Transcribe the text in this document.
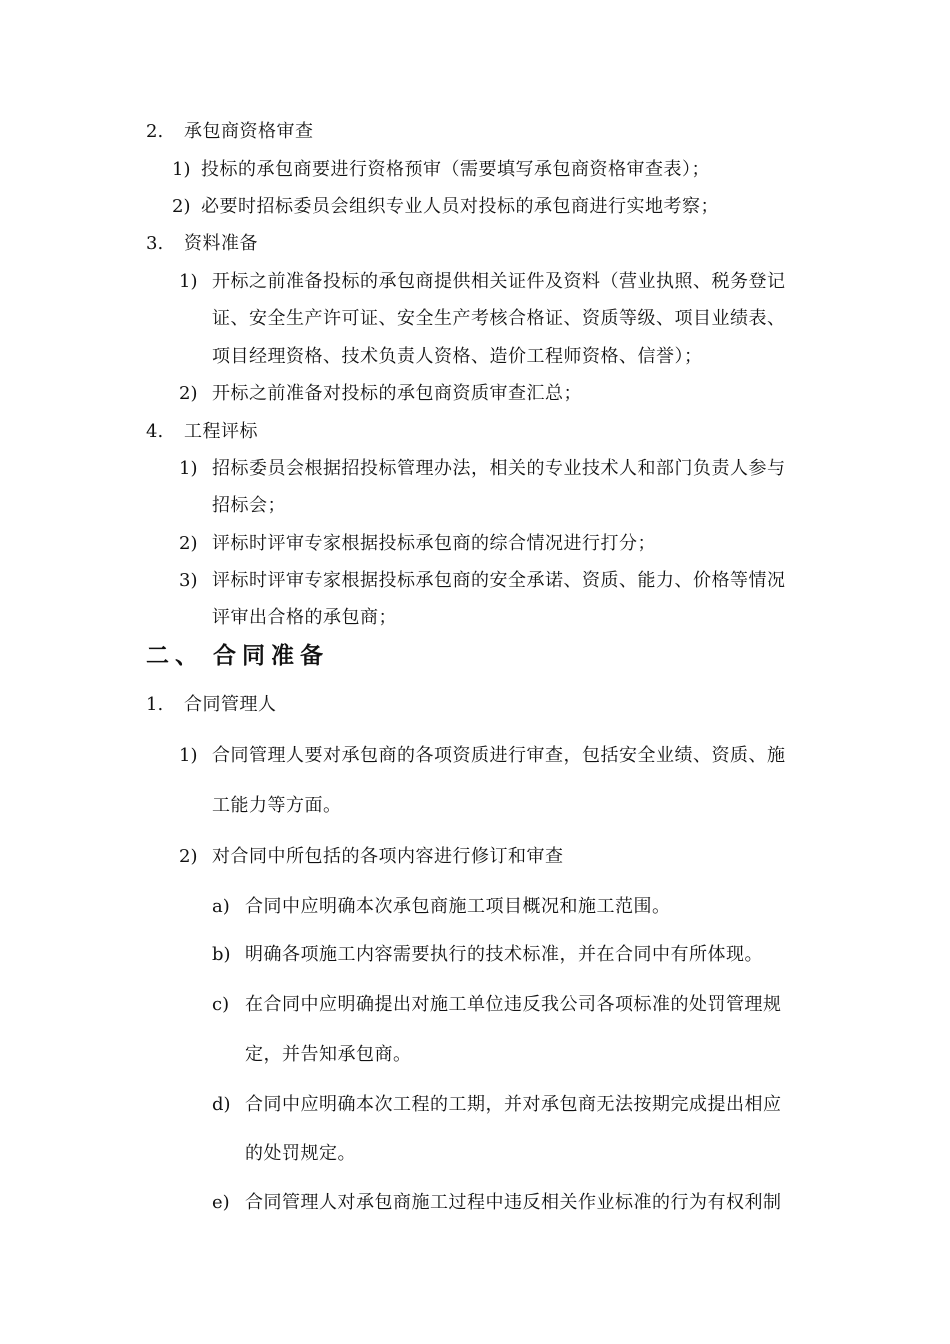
2. 承包商资格审查
1) 投标的承包商要进行资格预审（需要填写承包商资格审查表）；
2) 必要时招标委员会组织专业人员对投标的承包商进行实地考察；
3. 资料准备
1) 开标之前准备投标的承包商提供相关证件及资料（营业执照、税务登记
证、安全生产许可证、安全生产考核合格证、资质等级、项目业绩表、
项目经理资格、技术负责人资格、造价工程师资格、信誉）；
2) 开标之前准备对投标的承包商资质审查汇总；
4. 工程评标
1) 招标委员会根据招投标管理办法，相关的专业技术人和部门负责人参与
招标会；
2) 评标时评审专家根据投标承包商的综合情况进行打分；
3) 评标时评审专家根据投标承包商的安全承诺、资质、能力、价格等情况
评审出合格的承包商；
二、 合同准备
1. 合同管理人
1) 合同管理人要对承包商的各项资质进行审查，包括安全业绩、资质、施
工能力等方面。
2) 对合同中所包括的各项内容进行修订和审查
a) 合同中应明确本次承包商施工项目概况和施工范围。
b) 明确各项施工内容需要执行的技术标准，并在合同中有所体现。
c) 在合同中应明确提出对施工单位违反我公司各项标准的处罚管理规
定，并告知承包商。
d) 合同中应明确本次工程的工期，并对承包商无法按期完成提出相应
的处罚规定。
e) 合同管理人对承包商施工过程中违反相关作业标准的行为有权利制
